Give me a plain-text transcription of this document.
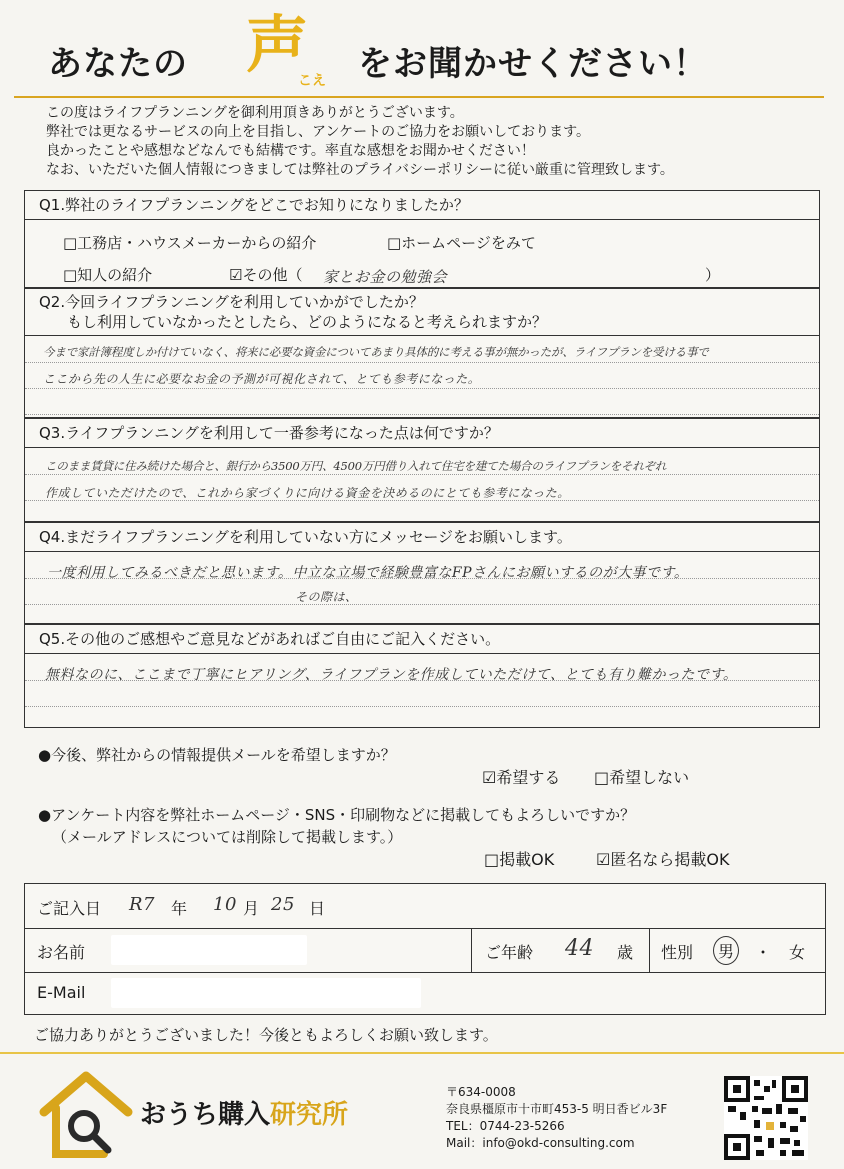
あなたの 声
こえ をお聞かせください！
この度はライフプランニングを御利用頂きありがとうございます。
弊社では更なるサービスの向上を目指し、アンケートのご協力をお願いしております。
良かったことや感想などなんでも結構です。率直な感想をお聞かせください！
なお、いただいた個人情報につきましては弊社のプライバシーポリシーに従い厳重に管理致します。
Q1.弊社のライフプランニングをどこでお知りになりましたか？
□工務店・ハウスメーカーからの紹介	□ホームページをみて
□知人の紹介	☑その他（ 家とお金の勉強会	）
Q2.今回ライフプランニングを利用していかがでしたか？
もし利用していなかったとしたら、どのようになると考えられますか？
今まで家計簿程度しか付けていなく、将来に必要な資金についてあまり具体的に考える事が無かったが、ライフプランを受ける事で
ここから先の人生に必要なお金の予測が可視化されて、とても参考になった。
Q3.ライフプランニングを利用して一番参考になった点は何ですか？
このまま賃貸に住み続けた場合と、銀行から3500万円、4500万円借り入れて住宅を建てた場合のライフプランをそれぞれ
作成していただけたので、これから家づくりに向ける資金を決めるのにとても参考になった。
Q4.まだライフプランニングを利用していない方にメッセージをお願いします。
一度利用してみるべきだと思います。中立な立場で経験豊富なFPさんにお願いするのが大事です。
その際は、
Q5.その他のご感想やご意見などがあればご自由にご記入ください。
無料なのに、ここまで丁寧にヒアリング、ライフプランを作成していただけて、とても有り難かったです。
●今後、弊社からの情報提供メールを希望しますか？
☑希望する □希望しない
●アンケート内容を弊社ホームページ・SNS・印刷物などに掲載してもよろしいですか？
（メールアドレスについては削除して掲載します。）
□掲載OK	☑匿名なら掲載OK
ご記入日 R7 年 10 月 25 日
お名前	ご年齢 44 歳 性別	男	・ 女
E-Mail
ご協力ありがとうございました！今後ともよろしくお願い致します。
おうち購入研究所
〒634-0008
奈良県橿原市十市町453-5 明日香ビル3F
TEL：0744-23-5266
Mail：info@okd-consulting.com
